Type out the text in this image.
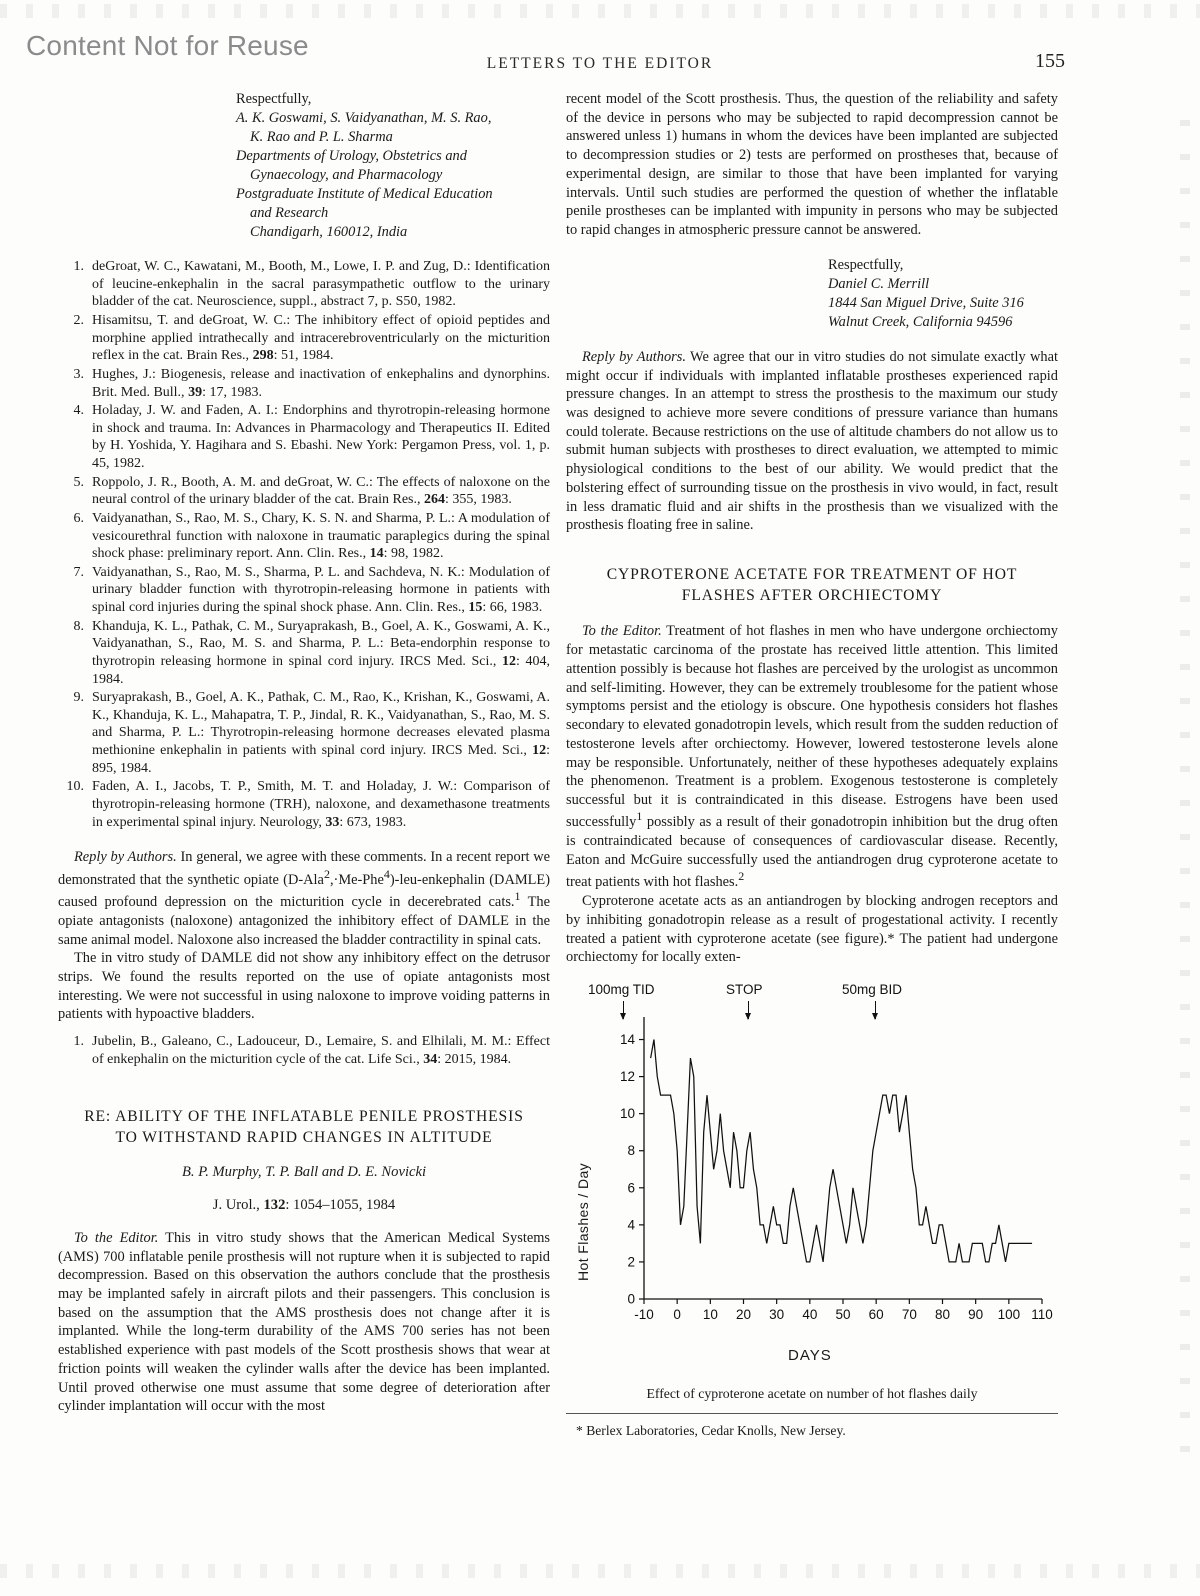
Content Not for Reuse
LETTERS TO THE EDITOR	155
Respectfully,
A. K. Goswami, S. Vaidyanathan, M. S. Rao,
K. Rao and P. L. Sharma
Departments of Urology, Obstetrics and
Gynaecology, and Pharmacology
Postgraduate Institute of Medical Education
and Research
Chandigarh, 160012, India
deGroat, W. C., Kawatani, M., Booth, M., Lowe, I. P. and Zug, D.: Identification of leucine-enkephalin in the sacral parasympathetic outflow to the urinary bladder of the cat. Neuroscience, suppl., abstract 7, p. S50, 1982.
Hisamitsu, T. and deGroat, W. C.: The inhibitory effect of opioid peptides and morphine applied intrathecally and intracerebroventricularly on the micturition reflex in the cat. Brain Res., 298: 51, 1984.
Hughes, J.: Biogenesis, release and inactivation of enkephalins and dynorphins. Brit. Med. Bull., 39: 17, 1983.
Holaday, J. W. and Faden, A. I.: Endorphins and thyrotropin-releasing hormone in shock and trauma. In: Advances in Pharmacology and Therapeutics II. Edited by H. Yoshida, Y. Hagihara and S. Ebashi. New York: Pergamon Press, vol. 1, p. 45, 1982.
Roppolo, J. R., Booth, A. M. and deGroat, W. C.: The effects of naloxone on the neural control of the urinary bladder of the cat. Brain Res., 264: 355, 1983.
Vaidyanathan, S., Rao, M. S., Chary, K. S. N. and Sharma, P. L.: A modulation of vesicourethral function with naloxone in traumatic paraplegics during the spinal shock phase: preliminary report. Ann. Clin. Res., 14: 98, 1982.
Vaidyanathan, S., Rao, M. S., Sharma, P. L. and Sachdeva, N. K.: Modulation of urinary bladder function with thyrotropin-releasing hormone in patients with spinal cord injuries during the spinal shock phase. Ann. Clin. Res., 15: 66, 1983.
Khanduja, K. L., Pathak, C. M., Suryaprakash, B., Goel, A. K., Goswami, A. K., Vaidyanathan, S., Rao, M. S. and Sharma, P. L.: Beta-endorphin response to thyrotropin releasing hormone in spinal cord injury. IRCS Med. Sci., 12: 404, 1984.
Suryaprakash, B., Goel, A. K., Pathak, C. M., Rao, K., Krishan, K., Goswami, A. K., Khanduja, K. L., Mahapatra, T. P., Jindal, R. K., Vaidyanathan, S., Rao, M. S. and Sharma, P. L.: Thyrotropin-releasing hormone decreases elevated plasma methionine enkephalin in patients with spinal cord injury. IRCS Med. Sci., 12: 895, 1984.
Faden, A. I., Jacobs, T. P., Smith, M. T. and Holaday, J. W.: Comparison of thyrotropin-releasing hormone (TRH), naloxone, and dexamethasone treatments in experimental spinal injury. Neurology, 33: 673, 1983.

Reply by Authors. In general, we agree with these comments. In a recent report we demonstrated that the synthetic opiate (D-Ala$^2$,·Me-Phe$^4$)-leu-enkephalin (DAMLE) caused profound depression on the micturition cycle in decerebrated cats.$^1$ The opiate antagonists (naloxone) antagonized the inhibitory effect of DAMLE in the same animal model. Naloxone also increased the bladder contractility in spinal cats.

The in vitro study of DAMLE did not show any inhibitory effect on the detrusor strips. We found the results reported on the use of opiate antagonists most interesting. We were not successful in using naloxone to improve voiding patterns in patients with hypoactive bladders.

Jubelin, B., Galeano, C., Ladouceur, D., Lemaire, S. and Elhilali, M. M.: Effect of enkephalin on the micturition cycle of the cat. Life Sci., 34: 2015, 1984.
RE: ABILITY OF THE INFLATABLE PENILE PROSTHESIS
TO WITHSTAND RAPID CHANGES IN ALTITUDE
B. P. Murphy, T. P. Ball and D. E. Novicki
J. Urol., 132: 1054–1055, 1984

To the Editor. This in vitro study shows that the American Medical Systems (AMS) 700 inflatable penile prosthesis will not rupture when it is subjected to rapid decompression. Based on this observation the authors conclude that the prosthesis may be implanted safely in aircraft pilots and their passengers. This conclusion is based on the assumption that the AMS prosthesis does not change after it is implanted. While the long-term durability of the AMS 700 series has not been established experience with past models of the Scott prosthesis shows that wear at friction points will weaken the cylinder walls after the device has been implanted. Until proved otherwise one must assume that some degree of deterioration after cylinder implantation will occur with the most

recent model of the Scott prosthesis. Thus, the question of the reliability and safety of the device in persons who may be subjected to rapid decompression cannot be answered unless 1) humans in whom the devices have been implanted are subjected to decompression studies or 2) tests are performed on prostheses that, because of experimental design, are similar to those that have been implanted for varying intervals. Until such studies are performed the question of whether the inflatable penile prostheses can be implanted with impunity in persons who may be subjected to rapid changes in atmospheric pressure cannot be answered.

Respectfully,
Daniel C. Merrill
1844 San Miguel Drive, Suite 316
Walnut Creek, California 94596

Reply by Authors. We agree that our in vitro studies do not simulate exactly what might occur if individuals with implanted inflatable prostheses experienced rapid pressure changes. In an attempt to stress the prosthesis to the maximum our study was designed to achieve more severe conditions of pressure variance than humans could tolerate. Because restrictions on the use of altitude chambers do not allow us to submit human subjects with prostheses to direct evaluation, we attempted to mimic physiological conditions to the best of our ability. We would predict that the bolstering effect of surrounding tissue on the prosthesis in vivo would, in fact, result in less dramatic fluid and air shifts in the prosthesis than we visualized with the prosthesis floating free in saline.

CYPROTERONE ACETATE FOR TREATMENT OF HOT
FLASHES AFTER ORCHIECTOMY

To the Editor. Treatment of hot flashes in men who have undergone orchiectomy for metastatic carcinoma of the prostate has received little attention. This limited attention possibly is because hot flashes are perceived by the urologist as uncommon and self-limiting. However, they can be extremely troublesome for the patient whose symptoms persist and the etiology is obscure. One hypothesis considers hot flashes secondary to elevated gonadotropin levels, which result from the sudden reduction of testosterone levels after orchiectomy. However, lowered testosterone levels alone may be responsible. Unfortunately, neither of these hypotheses adequately explains the phenomenon. Treatment is a problem. Exogenous testosterone is completely successful but it is contraindicated in this disease. Estrogens have been used successfully$^1$ possibly as a result of their gonadotropin inhibition but the drug often is contraindicated because of consequences of cardiovascular disease. Recently, Eaton and McGuire successfully used the antiandrogen drug cyproterone acetate to treat patients with hot flashes.$^2$

Cyproterone acetate acts as an antiandrogen by blocking androgen receptors and by inhibiting gonadotropin release as a result of progestational activity. I recently treated a patient with cyproterone acetate (see figure).* The patient had undergone orchiectomy for locally exten-

100mg TID	STOP	50mg BID
Hot Flashes / Day
DAYS
0
2
4
6
8
10
12
14
-10 0 10 20 30 40 50 60 70 80 90 100 110
Effect of cyproterone acetate on number of hot flashes daily
* Berlex Laboratories, Cedar Knolls, New Jersey.
